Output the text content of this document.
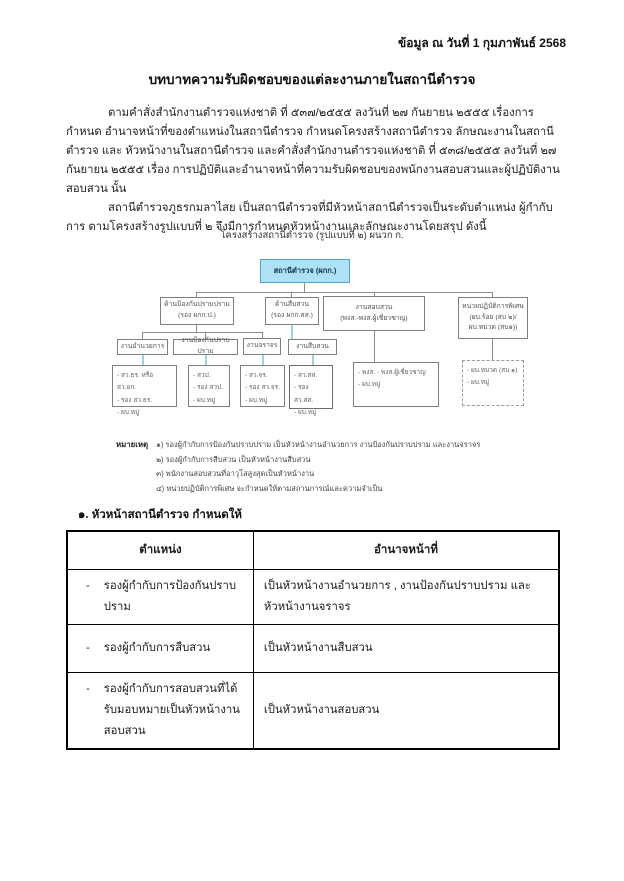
ข้อมูล ณ วันที่ 1 กุมภาพันธ์ 2568
บทบาทความรับผิดชอบของแต่ละงานภายในสถานีตำรวจ

ตามคำสั่งสำนักงานตำรวจแห่งชาติ ที่ ๕๓๗/๒๕๕๕ ลงวันที่ ๒๗ กันยายน ๒๕๕๕ เรื่องการกำหนด อำนาจหน้าที่ของตำแหน่งในสถานีตำรวจ กำหนดโครงสร้างสถานีตำรวจ ลักษณะงานในสถานีตำรวจ และ หัวหน้างานในสถานีตำรวจ และคำสั่งสำนักงานตำรวจแห่งชาติ ที่ ๕๓๘/๒๕๕๕ ลงวันที่ ๒๗ กันยายน ๒๕๕๕ เรื่อง การปฏิบัติและอำนาจหน้าที่ความรับผิดชอบของพนักงานสอบสวนและผู้ปฏิบัติงานสอบสวน นั้น

สถานีตำรวจภูธรกมลาไสย เป็นสถานีตำรวจที่มีหัวหน้าสถานีตำรวจเป็นระดับตำแหน่ง ผู้กำกับการ ตามโครงสร้างรูปแบบที่ ๒ จึงมีการกำหนดหัวหน้างานและลักษณะงานโดยสรุป ดังนี้

โครงสร้างสถานีตำรวจ (รูปแบบที่ ๒) ผนวก ก.
สถานีตำรวจ (ผกก.)
ด้านป้องกันปราบปราม
(รอง ผกก.ป.)
ด้านสืบสวน
(รอง ผกก.สส.)
งานสอบสวน
(พงส.-พงส.ผู้เชี่ยวชาญ)
หน่วยปฏิบัติการพิเศษ
(ผบ.ร้อย (สบ ๒)/
ผบ.หมวด (สบ๑))
งานอำนวยการ
งานป้องกันปราบปราม
งานจราจร	งานสืบสวน
- สว.ธร. หรือ สว.อก.
- รอง สว.ธร.
- ผบ.หมู่
- สวป.
- รอง สวป.
- ผบ.หมู่
- สว.จร.
- รอง สว.จร.
- ผบ.หมู่
- สว.สส.
- รอง สว.สส.
- ผบ.หมู่
- พงส. - พงส.ผู้เชี่ยวชาญ
- ผบ.หมู่
- ผบ.หมวด (สบ ๑)
- ผบ.หมู่
หมายเหตุ ๑) รองผู้กำกับการป้องกันปราบปราม เป็นหัวหน้างานอำนวยการ งานป้องกันปราบปราม และงานจราจร
๒) รองผู้กำกับการสืบสวน เป็นหัวหน้างานสืบสวน
๓) พนักงานสอบสวนที่อาวุโสสูงสุดเป็นหัวหน้างาน
๔) หน่วยปฏิบัติการพิเศษ จะกำหนดให้ตามสถานการณ์และความจำเป็น
๑. หัวหน้าสถานีตำรวจ กำหนดให้
ตำแหน่ง	อำนาจหน้าที่

- รองผู้กำกับการป้องกันปราบปราม	เป็นหัวหน้างานอำนวยการ , งานป้องกันปราบปราม และหัวหน้างานจราจร

- รองผู้กำกับการสืบสวน	เป็นหัวหน้างานสืบสวน

- รองผู้กำกับการสอบสวนที่ได้รับมอบหมายเป็นหัวหน้างาน สอบสวน	เป็นหัวหน้างานสอบสวน
